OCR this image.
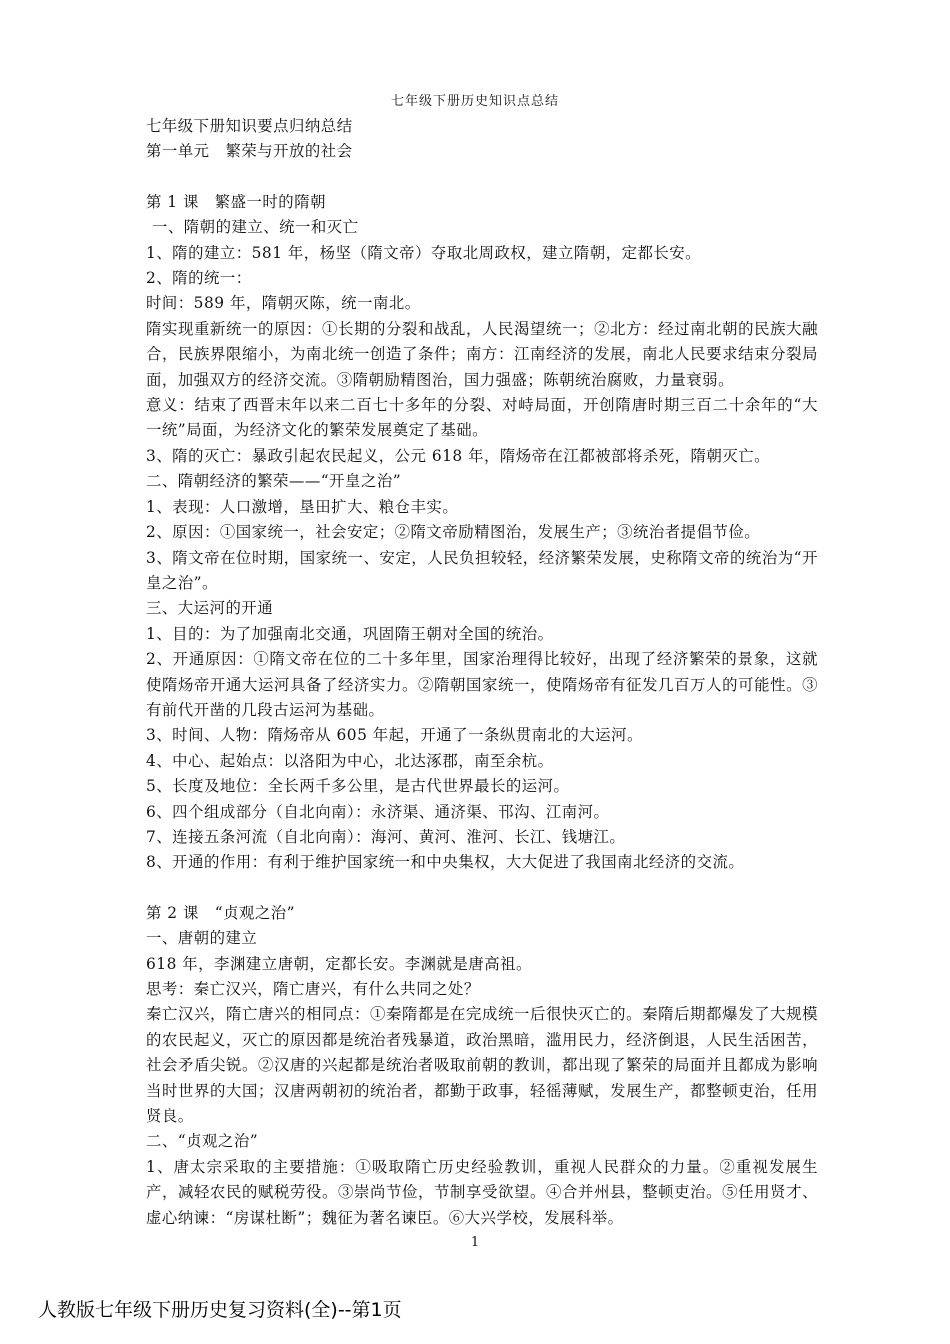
七年级下册历史知识点总结

七年级下册知识要点归纳总结

第一单元　繁荣与开放的社会

第 1 课　繁盛一时的隋朝

一、隋朝的建立、统一和灭亡

1、隋的建立：581 年，杨坚（隋文帝）夺取北周政权，建立隋朝，定都长安。

2、隋的统一：

时间：589 年，隋朝灭陈，统一南北。

隋实现重新统一的原因：①长期的分裂和战乱，人民渴望统一；②北方：经过南北朝的民族大融合，民族界限缩小，为南北统一创造了条件；南方：江南经济的发展，南北人民要求结束分裂局面，加强双方的经济交流。③隋朝励精图治，国力强盛；陈朝统治腐败，力量衰弱。

意义：结束了西晋末年以来二百七十多年的分裂、对峙局面，开创隋唐时期三百二十余年的“大一统”局面，为经济文化的繁荣发展奠定了基础。

3、隋的灭亡：暴政引起农民起义，公元 618 年，隋炀帝在江都被部将杀死，隋朝灭亡。

二、隋朝经济的繁荣——“开皇之治”

1、表现：人口激增，垦田扩大、粮仓丰实。

2、原因：①国家统一，社会安定；②隋文帝励精图治，发展生产；③统治者提倡节俭。

3、隋文帝在位时期，国家统一、安定，人民负担较轻，经济繁荣发展，史称隋文帝的统治为“开皇之治”。

三、大运河的开通

1、目的：为了加强南北交通，巩固隋王朝对全国的统治。

2、开通原因：①隋文帝在位的二十多年里，国家治理得比较好，出现了经济繁荣的景象，这就使隋炀帝开通大运河具备了经济实力。②隋朝国家统一，使隋炀帝有征发几百万人的可能性。③有前代开凿的几段古运河为基础。

3、时间、人物：隋炀帝从 605 年起，开通了一条纵贯南北的大运河。

4、中心、起始点：以洛阳为中心，北达涿郡，南至余杭。

5、长度及地位：全长两千多公里，是古代世界最长的运河。

6、四个组成部分（自北向南）：永济渠、通济渠、邗沟、江南河。

7、连接五条河流（自北向南）：海河、黄河、淮河、长江、钱塘江。

8、开通的作用：有利于维护国家统一和中央集权，大大促进了我国南北经济的交流。

第 2 课　“贞观之治”

一、唐朝的建立

618 年，李渊建立唐朝，定都长安。李渊就是唐高祖。

思考：秦亡汉兴，隋亡唐兴，有什么共同之处？

秦亡汉兴，隋亡唐兴的相同点：①秦隋都是在完成统一后很快灭亡的。秦隋后期都爆发了大规模的农民起义，灭亡的原因都是统治者残暴道，政治黑暗，滥用民力，经济倒退，人民生活困苦，社会矛盾尖锐。②汉唐的兴起都是统治者吸取前朝的教训，都出现了繁荣的局面并且都成为影响当时世界的大国；汉唐两朝初的统治者，都勤于政事，轻徭薄赋，发展生产，都整顿吏治，任用贤良。

二、“贞观之治”

1、唐太宗采取的主要措施：①吸取隋亡历史经验教训，重视人民群众的力量。②重视发展生产，减轻农民的赋税劳役。③崇尚节俭，节制享受欲望。④合并州县，整顿吏治。⑤任用贤才、虚心纳谏：“房谋杜断”；魏征为著名谏臣。⑥大兴学校，发展科举。

1
人教版七年级下册历史复习资料(全)--第1页
